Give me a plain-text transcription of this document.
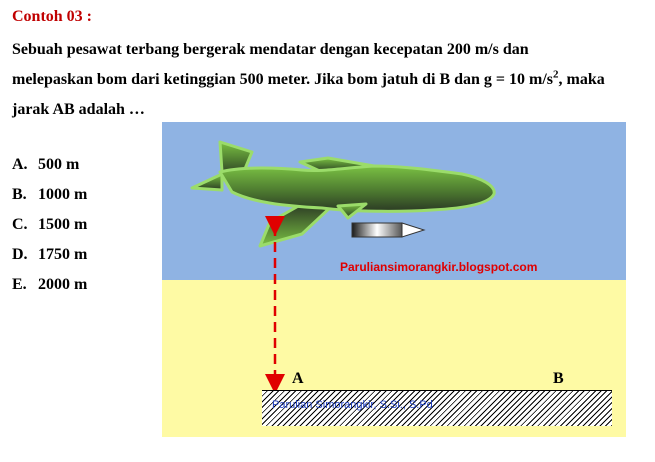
Contoh 03 :
Sebuah pesawat terbang bergerak mendatar dengan kecepatan 200 m/s dan
melepaskan bom dari ketinggian 500 meter. Jika bom jatuh di B dan g = 10 $m/s^2$, maka
jarak AB adalah …
A. 500 m
B. 1000 m
C. 1500 m
D. 1750 m
E. 2000 m
Paruliansimorangkir.blogspot.com
A	B
Parulian Simorangkir, S.Si., S.Pd
